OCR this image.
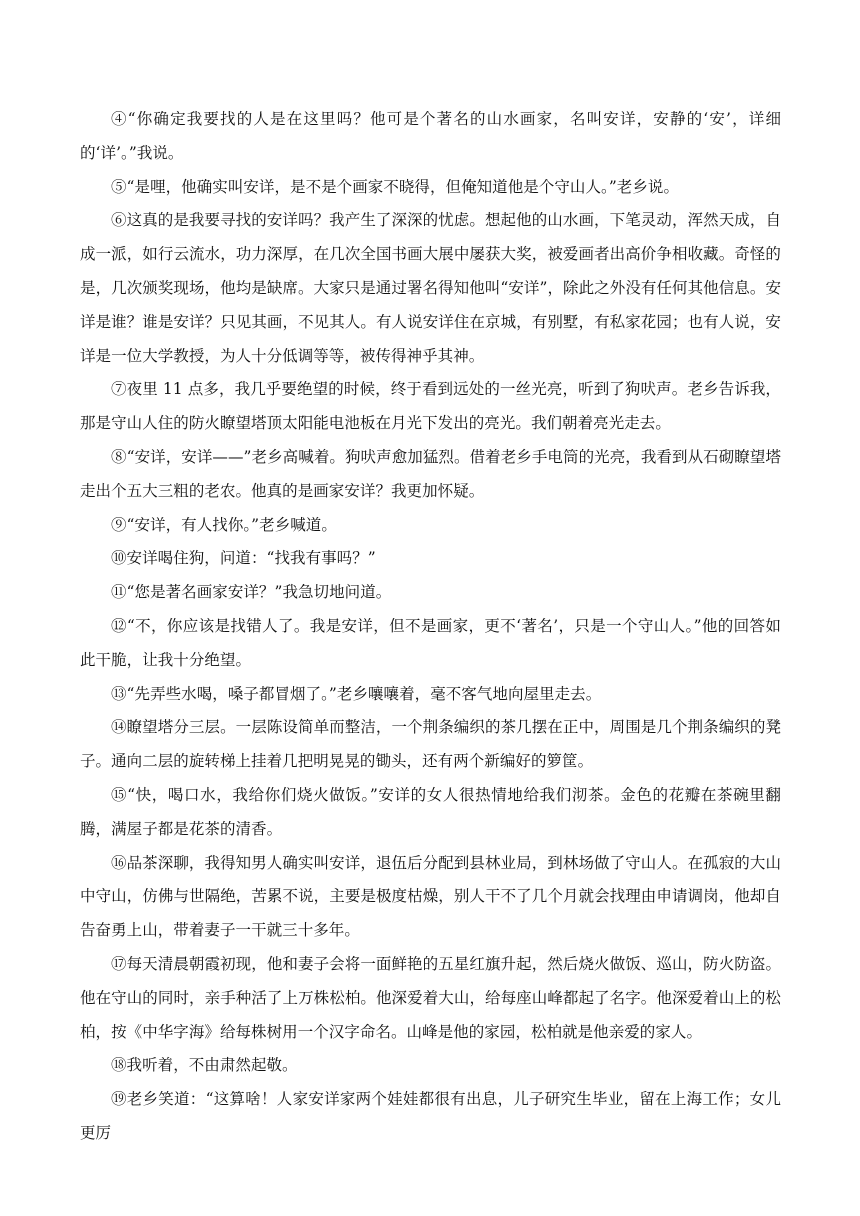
④“你确定我要找的人是在这里吗？他可是个著名的山水画家，名叫安详，安静的‘安’，详细的‘详’。”我说。

⑤“是哩，他确实叫安详，是不是个画家不晓得，但俺知道他是个守山人。”老乡说。

⑥这真的是我要寻找的安详吗？我产生了深深的忧虑。想起他的山水画，下笔灵动，浑然天成，自成一派，如行云流水，功力深厚，在几次全国书画大展中屡获大奖，被爱画者出高价争相收藏。奇怪的是，几次颁奖现场，他均是缺席。大家只是通过署名得知他叫“安详”，除此之外没有任何其他信息。安详是谁？谁是安详？只见其画，不见其人。有人说安详住在京城，有别墅，有私家花园；也有人说，安详是一位大学教授，为人十分低调等等，被传得神乎其神。

⑦夜里 11 点多，我几乎要绝望的时候，终于看到远处的一丝光亮，听到了狗吠声。老乡告诉我，那是守山人住的防火瞭望塔顶太阳能电池板在月光下发出的亮光。我们朝着亮光走去。

⑧“安详，安详——”老乡高喊着。狗吠声愈加猛烈。借着老乡手电筒的光亮，我看到从石砌瞭望塔走出个五大三粗的老农。他真的是画家安详？我更加怀疑。

⑨“安详，有人找你。”老乡喊道。

⑩安详喝住狗，问道：“找我有事吗？”

⑪“您是著名画家安详？”我急切地问道。

⑫“不，你应该是找错人了。我是安详，但不是画家，更不‘著名’，只是一个守山人。”他的回答如此干脆，让我十分绝望。

⑬“先弄些水喝，嗓子都冒烟了。”老乡嚷嚷着，毫不客气地向屋里走去。

⑭瞭望塔分三层。一层陈设简单而整洁，一个荆条编织的茶几摆在正中，周围是几个荆条编织的凳子。通向二层的旋转梯上挂着几把明晃晃的锄头，还有两个新编好的箩筐。

⑮“快，喝口水，我给你们烧火做饭。”安详的女人很热情地给我们沏茶。金色的花瓣在茶碗里翻腾，满屋子都是花茶的清香。

⑯品茶深聊，我得知男人确实叫安详，退伍后分配到县林业局，到林场做了守山人。在孤寂的大山中守山，仿佛与世隔绝，苦累不说，主要是极度枯燥，别人干不了几个月就会找理由申请调岗，他却自告奋勇上山，带着妻子一干就三十多年。

⑰每天清晨朝霞初现，他和妻子会将一面鲜艳的五星红旗升起，然后烧火做饭、巡山，防火防盗。他在守山的同时，亲手种活了上万株松柏。他深爱着大山，给每座山峰都起了名字。他深爱着山上的松柏，按《中华字海》给每株树用一个汉字命名。山峰是他的家园，松柏就是他亲爱的家人。

⑱我听着，不由肃然起敬。

⑲老乡笑道：“这算啥！人家安详家两个娃娃都很有出息，儿子研究生毕业，留在上海工作；女儿更厉
